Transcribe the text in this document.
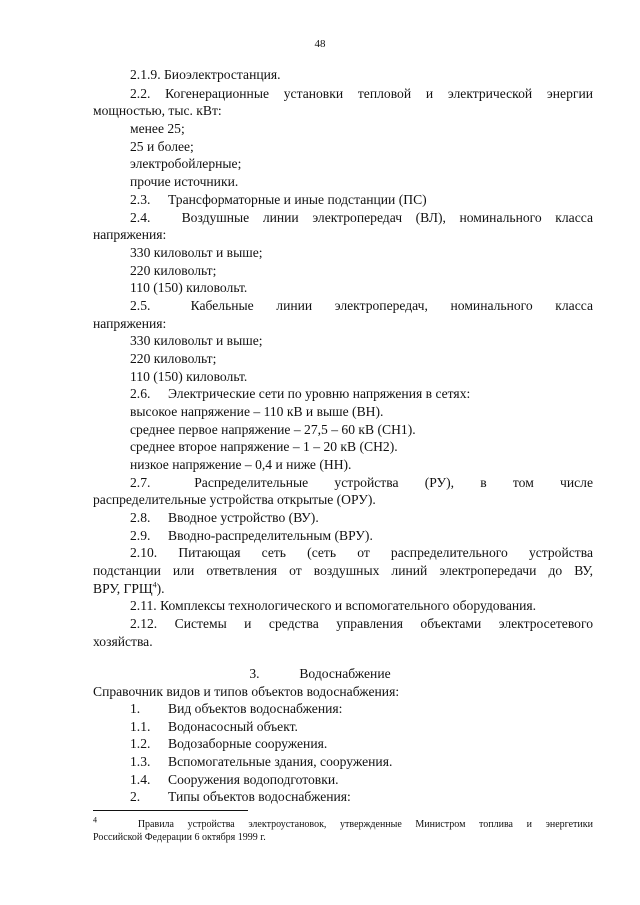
48
2.1.9. Биоэлектростанция.
2.2. Когенерационные установки тепловой и электрической энергии
мощностью, тыс. кВт:
менее 25;
25 и более;
электробойлерные;
прочие источники.
2.3. Трансформаторные и иные подстанции (ПС)
2.4. Воздушные линии электропередач (ВЛ), номинального класса
напряжения:
330 киловольт и выше;
220 киловольт;
110 (150) киловольт.
2.5.	Кабельные линии электропередач, номинального класса
напряжения:
330 киловольт и выше;
220 киловольт;
110 (150) киловольт.
2.6. Электрические сети по уровню напряжения в сетях:
высокое напряжение – 110 кВ и выше (ВН).
среднее первое напряжение – 27,5 – 60 кВ (СН1).
среднее второе напряжение – 1 – 20 кВ (СН2).
низкое напряжение – 0,4 и ниже (НН).
2.7.	Распределительные устройства (РУ), в том числе
распределительные устройства открытые (ОРУ).
2.8. Вводное устройство (ВУ).
2.9. Вводно-распределительным (ВРУ).
2.10. Питающая сеть (сеть от распределительного устройства
подстанции или ответвления от воздушных линий электропередачи до ВУ,
ВРУ, ГРЩ$^4$).
2.11. Комплексы технологического и вспомогательного оборудования.
2.12. Системы и средства управления объектами электросетевого
хозяйства.
3.	Водоснабжение
Справочник видов и типов объектов водоснабжения:
1. Вид объектов водоснабжения:
1.1. Водонасосный объект.
1.2. Водозаборные сооружения.
1.3. Вспомогательные здания, сооружения.
1.4. Сооружения водоподготовки.
2. Типы объектов водоснабжения:
$^4$	Правила устройства электроустановок, утвержденные Министром топлива и энергетики
Российской Федерации 6 октября 1999 г.
